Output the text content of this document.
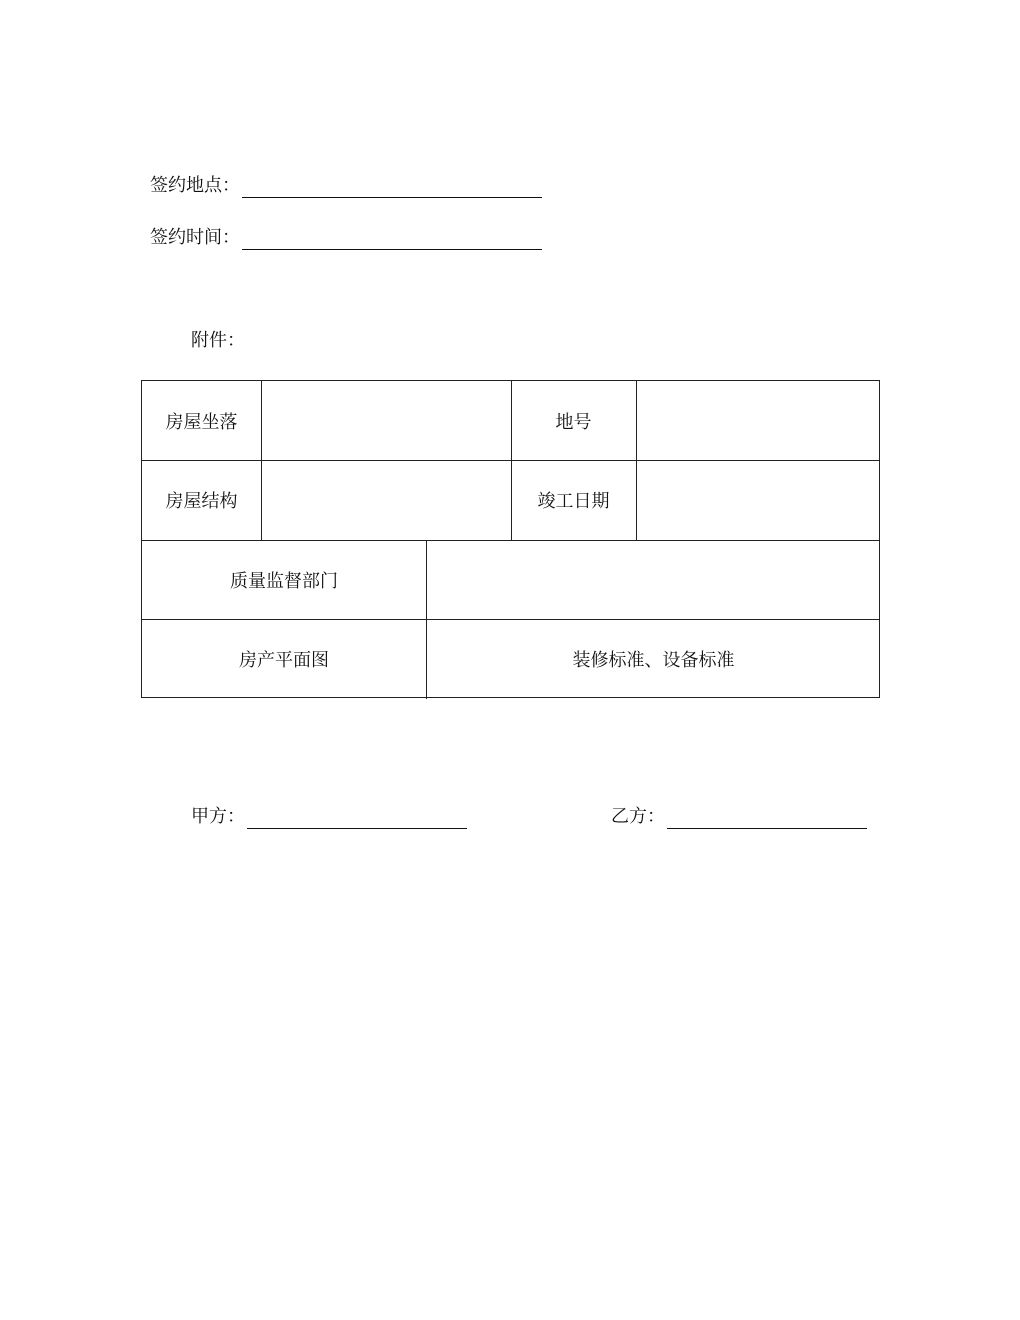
签约地点：
签约时间：
附件：
房屋坐落	地号
房屋结构	竣工日期
质量监督部门
房产平面图	装修标准、设备标准
甲方：	乙方：
